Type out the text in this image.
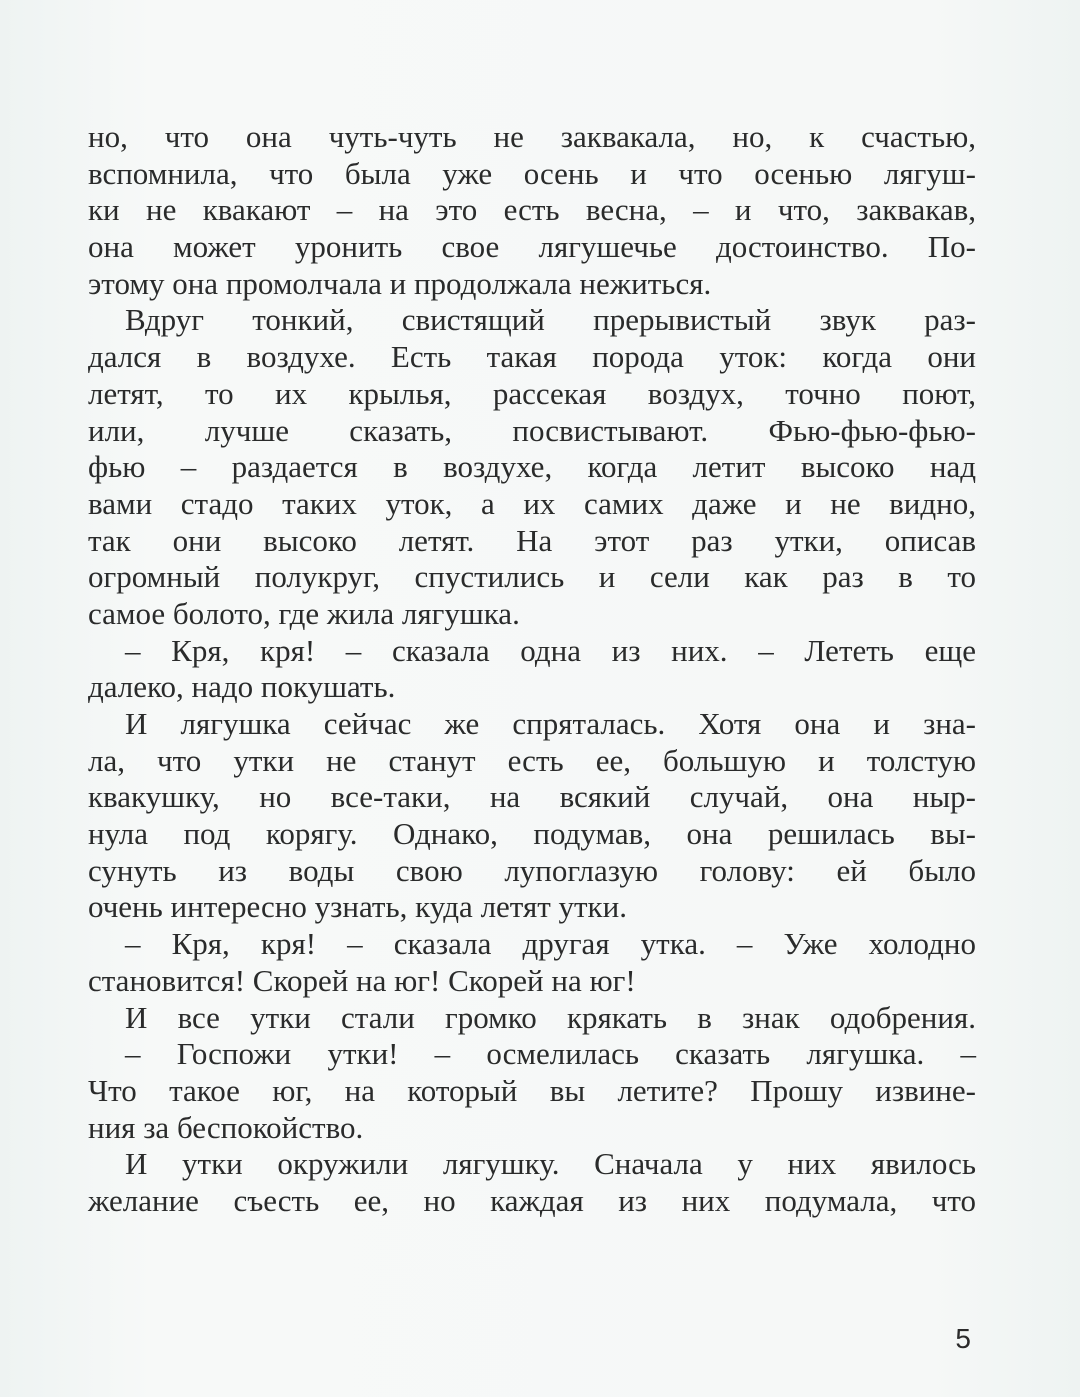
но, что она чуть-чуть не заквакала, но, к счастью,
вспомнила, что была уже осень и что осенью лягуш-
ки не квакают – на это есть весна, – и что, заквакав,
она может уронить свое лягушечье достоинство. По-
этому она промолчала и продолжала нежиться.
Вдруг тонкий, свистящий прерывистый звук раз-
дался в воздухе. Есть такая порода уток: когда они
летят, то их крылья, рассекая воздух, точно поют,
или, лучше сказать, посвистывают. Фью-фью-фью-
фью – раздается в воздухе, когда летит высоко над
вами стадо таких уток, а их самих даже и не видно,
так они высоко летят. На этот раз утки, описав
огромный полукруг, спустились и сели как раз в то
самое болото, где жила лягушка.
– Кря, кря! – сказала одна из них. – Лететь еще
далеко, надо покушать.
И лягушка сейчас же спряталась. Хотя она и зна-
ла, что утки не станут есть ее, большую и толстую
квакушку, но все-таки, на всякий случай, она ныр-
нула под корягу. Однако, подумав, она решилась вы-
сунуть из воды свою лупоглазую голову: ей было
очень интересно узнать, куда летят утки.
– Кря, кря! – сказала другая утка. – Уже холодно
становится! Скорей на юг! Скорей на юг!
И все утки стали громко крякать в знак одобрения.
– Госпожи утки! – осмелилась сказать лягушка. –
Что такое юг, на который вы летите? Прошу извине-
ния за беспокойство.
И утки окружили лягушку. Сначала у них явилось
желание съесть ее, но каждая из них подумала, что
5
